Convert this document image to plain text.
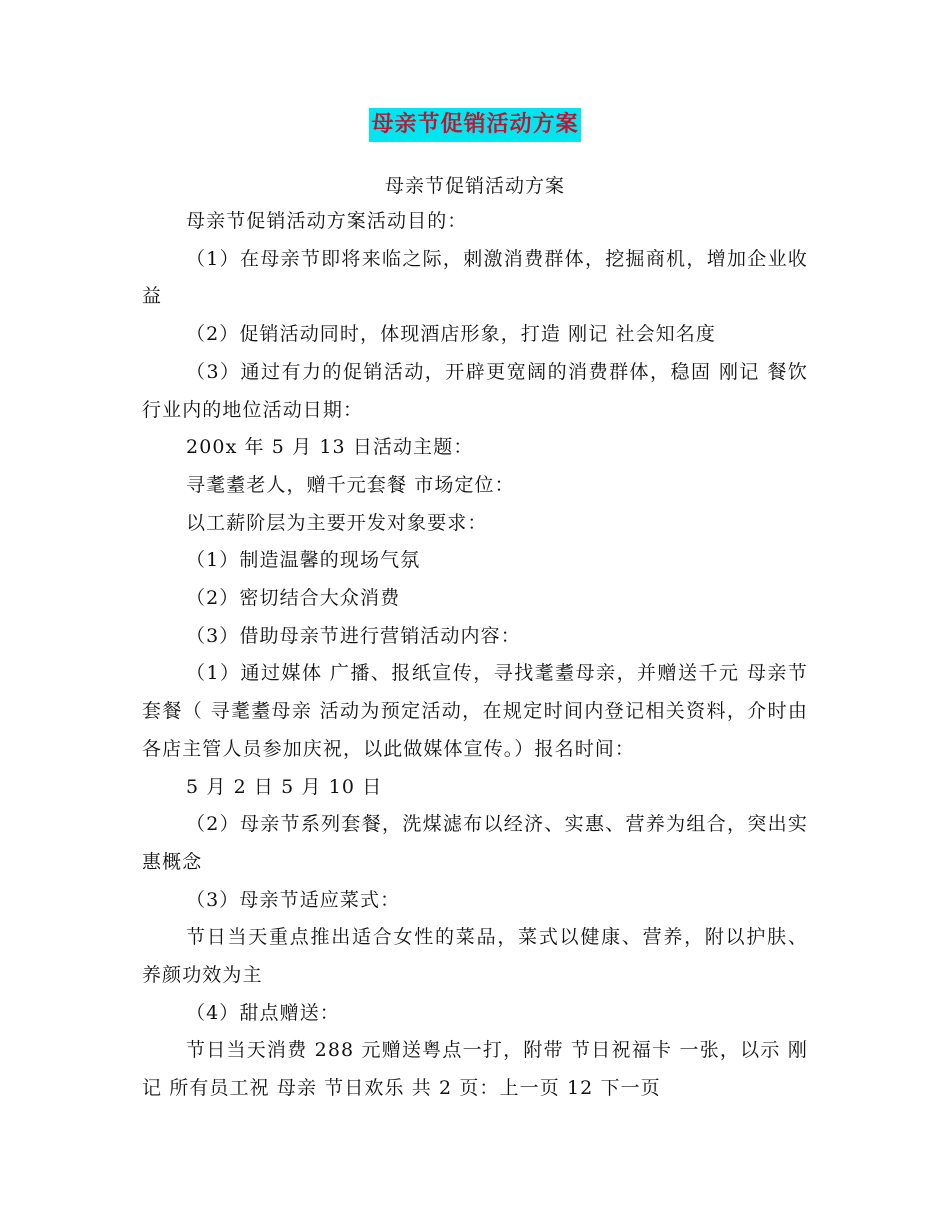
母亲节促销活动方案
母亲节促销活动方案

母亲节促销活动方案活动目的：

（1）在母亲节即将来临之际，刺激消费群体，挖掘商机，增加企业收益

（2）促销活动同时，体现酒店形象，打造 刚记 社会知名度

（3）通过有力的促销活动，开辟更宽阔的消费群体，稳固 刚记 餐饮行业内的地位活动日期：

200x 年 5 月 13 日活动主题：

寻耄耋老人，赠千元套餐 市场定位：

以工薪阶层为主要开发对象要求：

（1）制造温馨的现场气氛

（2）密切结合大众消费

（3）借助母亲节进行营销活动内容：

（1）通过媒体 广播、报纸宣传，寻找耄耋母亲，并赠送千元 母亲节 套餐（ 寻耄耋母亲 活动为预定活动，在规定时间内登记相关资料，介时由各店主管人员参加庆祝，以此做媒体宣传。）报名时间：

5 月 2 日 5 月 10 日

（2）母亲节系列套餐，洗煤滤布以经济、实惠、营养为组合，突出实惠概念

（3）母亲节适应菜式：

节日当天重点推出适合女性的菜品，菜式以健康、营养，附以护肤、养颜功效为主

（4）甜点赠送：

节日当天消费 288 元赠送粤点一打，附带 节日祝福卡 一张，以示 刚记 所有员工祝 母亲 节日欢乐 共 2 页：上一页 12 下一页
